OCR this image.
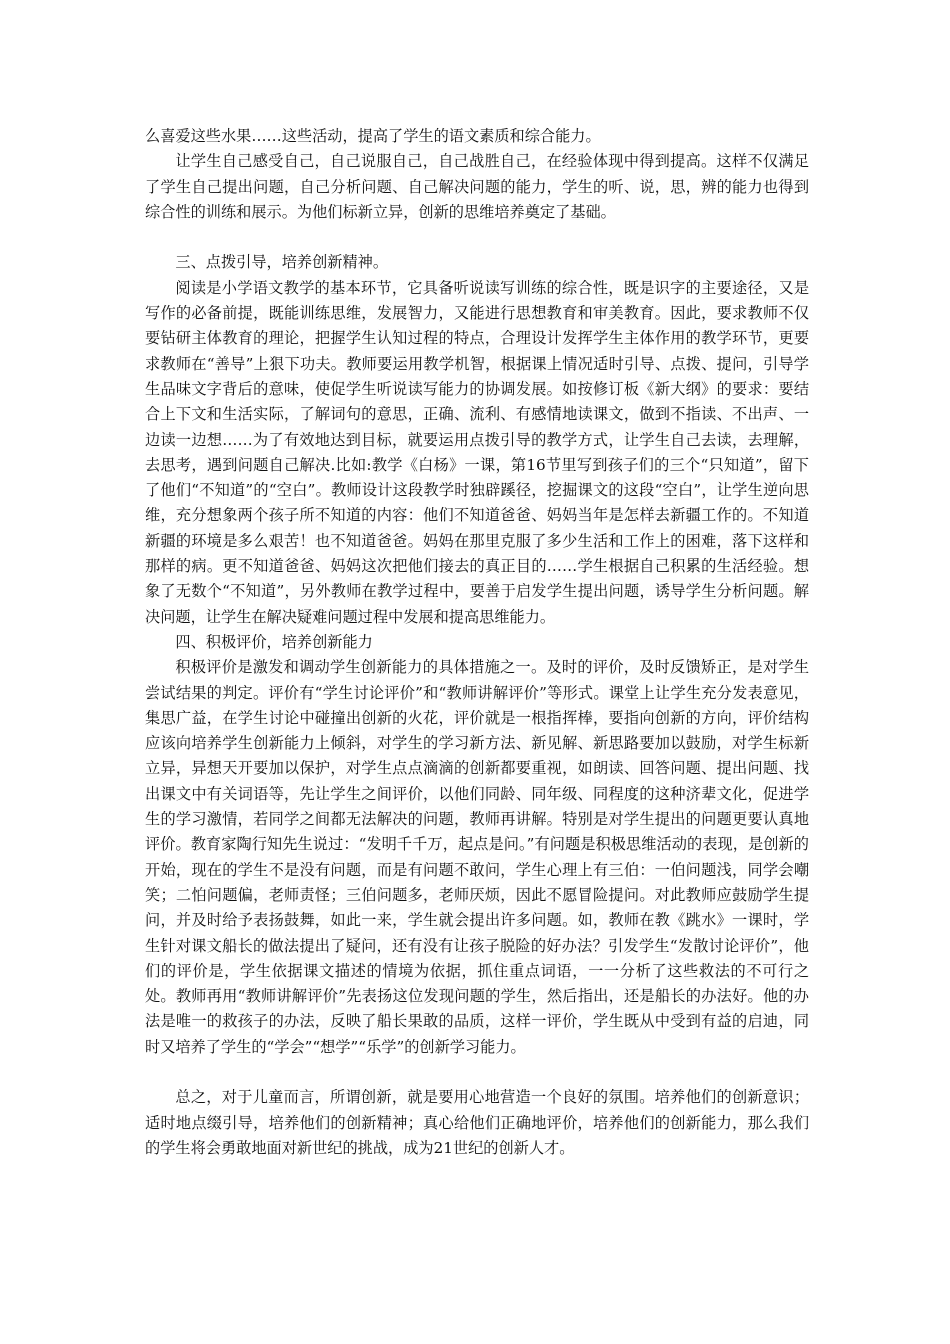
么喜爱这些水果……这些活动，提高了学生的语文素质和综合能力。

让学生自己感受自己，自己说服自己，自己战胜自己，在经验体现中得到提高。这样不仅满足了学生自己提出问题，自己分析问题、自己解决问题的能力，学生的听、说，思，辨的能力也得到综合性的训练和展示。为他们标新立异，创新的思维培养奠定了基础。

三、点拨引导，培养创新精神。

阅读是小学语文教学的基本环节，它具备听说读写训练的综合性，既是识字的主要途径，又是写作的必备前提，既能训练思维，发展智力，又能进行思想教育和审美教育。因此，要求教师不仅要钻研主体教育的理论，把握学生认知过程的特点，合理设计发挥学生主体作用的教学环节，更要求教师在“善导”上狠下功夫。教师要运用教学机智，根据课上情况适时引导、点拨、提问，引导学生品味文字背后的意味，使促学生听说读写能力的协调发展。如按修订板《新大纲》的要求：要结合上下文和生活实际，了解词句的意思，正确、流利、有感情地读课文，做到不指读、不出声、一边读一边想……为了有效地达到目标，就要运用点拨引导的教学方式，让学生自己去读，去理解，去思考，遇到问题自己解决.比如:教学《白杨》一课，第16节里写到孩子们的三个“只知道”，留下了他们“不知道”的“空白”。教师设计这段教学时独辟蹊径，挖掘课文的这段“空白”，让学生逆向思维，充分想象两个孩子所不知道的内容：他们不知道爸爸、妈妈当年是怎样去新疆工作的。不知道新疆的环境是多么艰苦！也不知道爸爸。妈妈在那里克服了多少生活和工作上的困难，落下这样和那样的病。更不知道爸爸、妈妈这次把他们接去的真正目的……学生根据自己积累的生活经验。想象了无数个“不知道”，另外教师在教学过程中，要善于启发学生提出问题，诱导学生分析问题。解决问题，让学生在解决疑难问题过程中发展和提高思维能力。

四、积极评价，培养创新能力

积极评价是激发和调动学生创新能力的具体措施之一。及时的评价，及时反馈矫正，是对学生尝试结果的判定。评价有“学生讨论评价”和“教师讲解评价”等形式。课堂上让学生充分发表意见，集思广益，在学生讨论中碰撞出创新的火花，评价就是一根指挥棒，要指向创新的方向，评价结构应该向培养学生创新能力上倾斜，对学生的学习新方法、新见解、新思路要加以鼓励，对学生标新立异，异想天开要加以保护，对学生点点滴滴的创新都要重视，如朗读、回答问题、提出问题、找出课文中有关词语等，先让学生之间评价，以他们同龄、同年级、同程度的这种济辈文化，促进学生的学习激情，若同学之间都无法解决的问题，教师再讲解。特别是对学生提出的问题更要认真地评价。教育家陶行知先生说过：“发明千千万，起点是问。”有问题是积极思维活动的表现，是创新的开始，现在的学生不是没有问题，而是有问题不敢问，学生心理上有三伯：一伯问题浅，同学会嘲笑；二怕问题偏，老师责怪；三伯问题多，老师厌烦，因此不愿冒险提问。对此教师应鼓励学生提问，并及时给予表扬鼓舞，如此一来，学生就会提出许多问题。如，教师在教《跳水》一课时，学生针对课文船长的做法提出了疑问，还有没有让孩子脱险的好办法？引发学生“发散讨论评价”，他们的评价是，学生依据课文描述的情境为依据，抓住重点词语，一一分析了这些救法的不可行之处。教师再用“教师讲解评价”先表扬这位发现问题的学生，然后指出，还是船长的办法好。他的办法是唯一的救孩子的办法，反映了船长果敢的品质，这样一评价，学生既从中受到有益的启迪，同时又培养了学生的“学会”“想学”“乐学”的创新学习能力。

总之，对于儿童而言，所谓创新，就是要用心地营造一个良好的氛围。培养他们的创新意识；适时地点缀引导，培养他们的创新精神；真心给他们正确地评价，培养他们的创新能力，那么我们的学生将会勇敢地面对新世纪的挑战，成为21世纪的创新人才。
